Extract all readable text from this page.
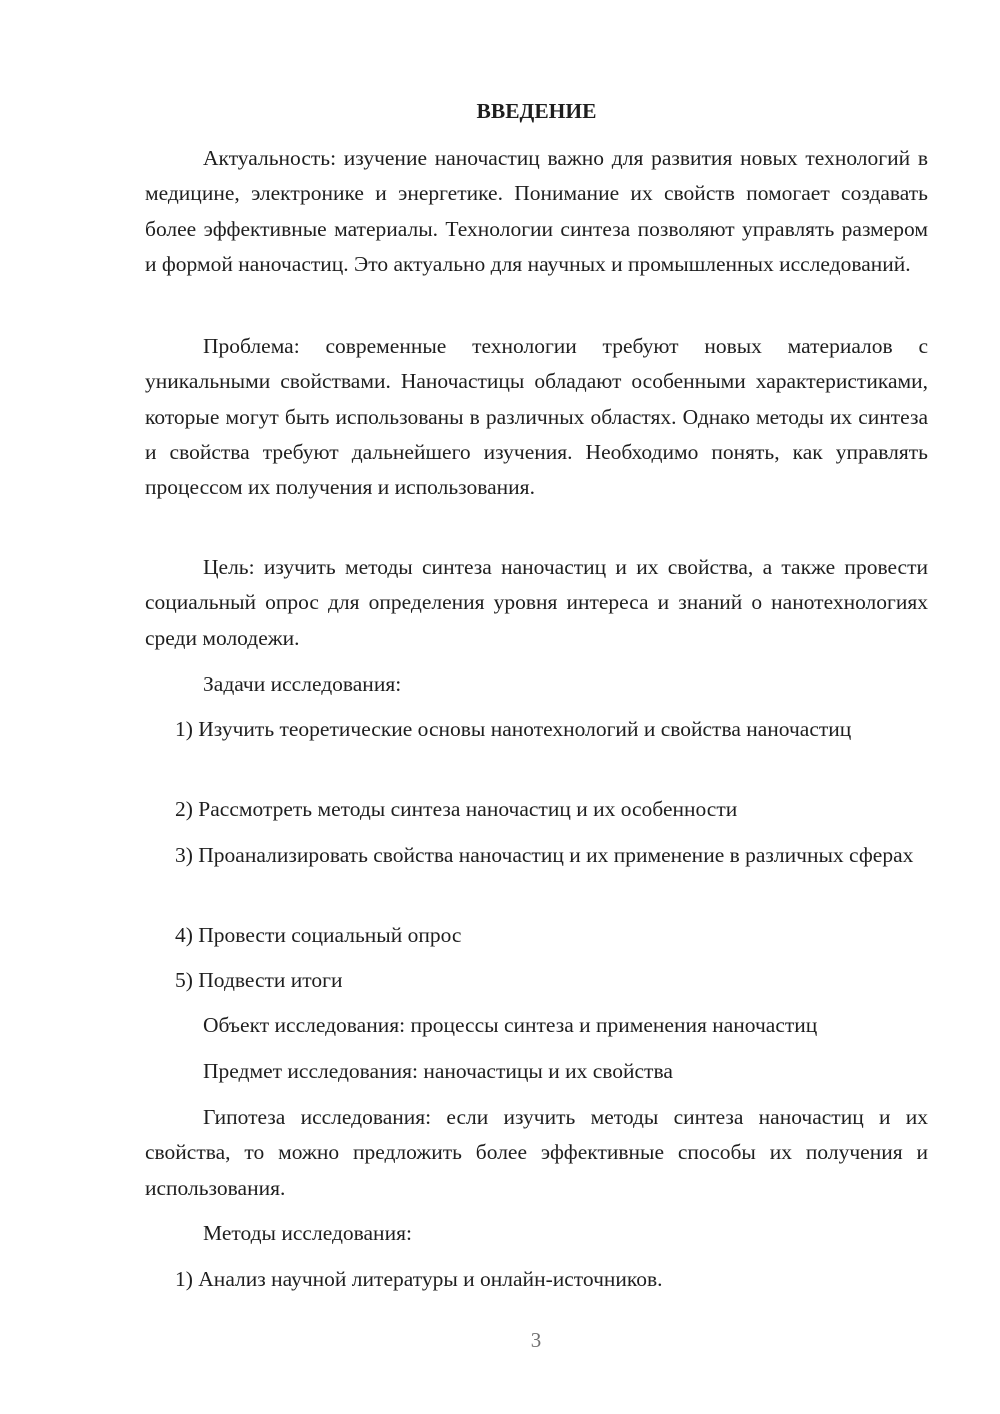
ВВЕДЕНИЕ

Актуальность: изучение наночастиц важно для развития новых технологий в медицине, электронике и энергетике. Понимание их свойств помогает создавать более эффективные материалы. Технологии синтеза позволяют управлять размером и формой наночастиц. Это актуально для научных и промышленных исследований.

Проблема: современные технологии требуют новых материалов с уникальными свойствами. Наночастицы обладают особенными характеристиками, которые могут быть использованы в различных областях. Однако методы их синтеза и свойства требуют дальнейшего изучения. Необходимо понять, как управлять процессом их получения и использования.

Цель: изучить методы синтеза наночастиц и их свойства, а также провести социальный опрос для определения уровня интереса и знаний о нанотехнологиях среди молодежи.

Задачи исследования:

1) Изучить теоретические основы нанотехнологий и свойства наночастиц

2) Рассмотреть методы синтеза наночастиц и их особенности

3) Проанализировать свойства наночастиц и их применение в различных сферах

4) Провести социальный опрос

5) Подвести итоги

Объект исследования: процессы синтеза и применения наночастиц

Предмет исследования: наночастицы и их свойства

Гипотеза исследования: если изучить методы синтеза наночастиц и их свойства, то можно предложить более эффективные способы их получения и использования.

Методы исследования:

1) Анализ научной литературы и онлайн-источников.

3
